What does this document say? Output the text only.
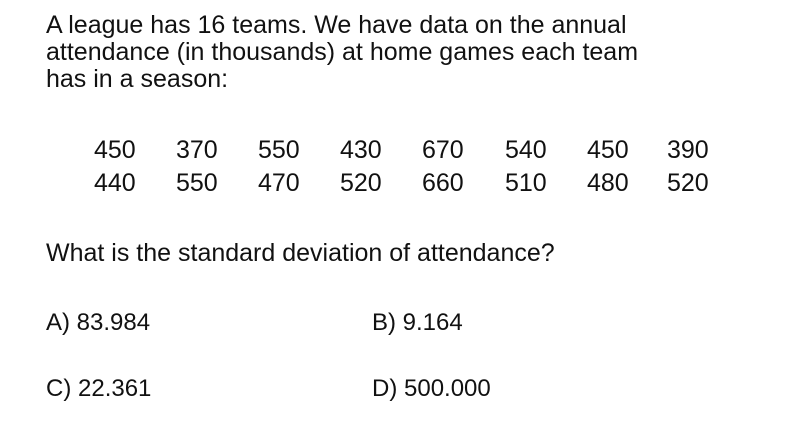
A league has 16 teams. We have data on the annual
attendance (in thousands) at home games each team
has in a season:

450	370	550	430	670	540	450	390
440	550	470	520	660	510	480	520

What is the standard deviation of attendance?

A) 83.984	B) 9.164
C) 22.361	D) 500.000
